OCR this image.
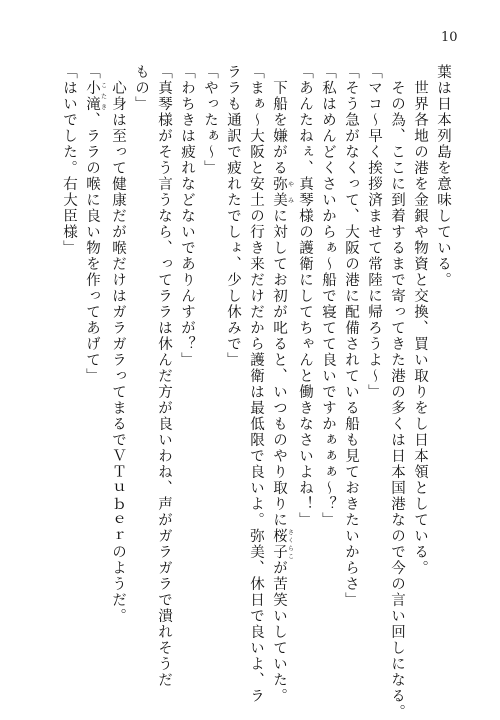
10
葉は日本列島を意味している。
　世界各地の港を金銀や物資と交換、買い取りをし日本領としている。
　その為、ここに到着するまで寄ってきた港の多くは日本国港なので今の言い回しになる。
「マコ～早く挨拶済ませて常陸に帰ろうよ～」
「そう急がなくって、大阪の港に配備されている船も見ておきたいからさ」
「私はめんどくさいからぁ～船で寝てて良いですかぁぁぁ～？」
「あんたねぇ、真琴様の護衛にしてちゃんと働きなさいよね！」
　下船を嫌がる弥美 やみに対してお初が叱ると、いつものやり取りに桜子 さくらこが苦笑いしていた。
「まぁ～大阪と安土の行き来だけだから護衛は最低限で良いよ。弥美、休日で良いよ、ラ
ララも通訳で疲れたでしょ、少し休みで」
「やったぁ～」
「わちきは疲れなどないでありんすが？」
「真琴様がそう言うなら、ってララは休んだ方が良いわね、声がガラガラで潰れそうだ
もの」
　心身は至って健康だが喉だけはガラガラってまるでＶＴｕｂｅｒのようだ。
「小滝 こたき、ララの喉に良い物を作ってあげて」
「はいでした。右大臣様」
